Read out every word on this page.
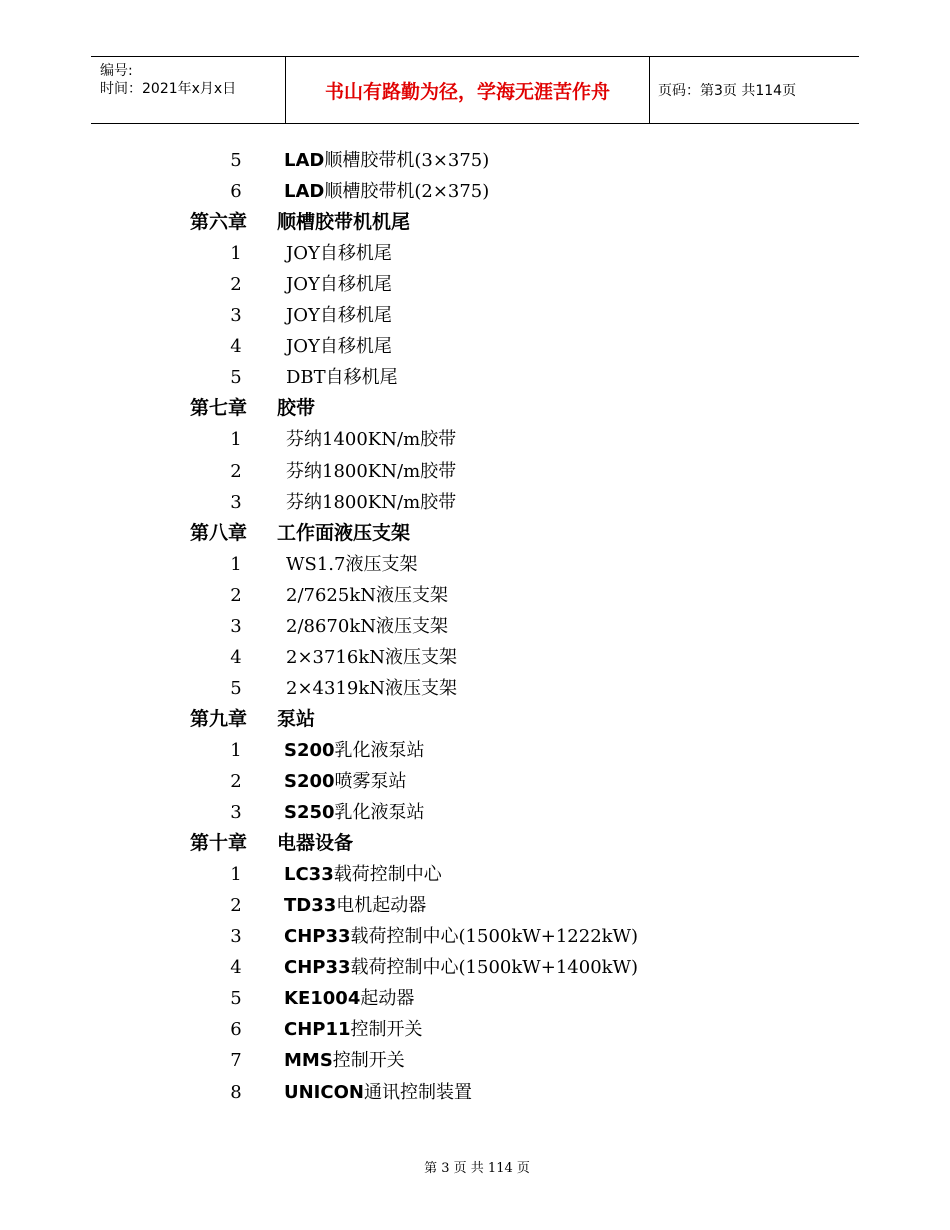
编号:
时间：2021年x月x日	书山有路勤为径，学海无涯苦作舟	页码：第3页 共114页
5 LAD顺槽胶带机(3×375)
6 LAD顺槽胶带机(2×375)
第六章 顺槽胶带机机尾
1 JOY自移机尾
2 JOY自移机尾
3 JOY自移机尾
4 JOY自移机尾
5 DBT自移机尾
第七章 胶带
1 芬纳1400KN/m胶带
2 芬纳1800KN/m胶带
3 芬纳1800KN/m胶带
第八章 工作面液压支架
1 WS1.7液压支架
2 2/7625kN液压支架
3 2/8670kN液压支架
4 2×3716kN液压支架
5 2×4319kN液压支架
第九章 泵站
1 S200乳化液泵站
2 S200喷雾泵站
3 S250乳化液泵站
第十章 电器设备
1 LC33载荷控制中心
2 TD33电机起动器
3 CHP33载荷控制中心(1500kW+1222kW)
4 CHP33载荷控制中心(1500kW+1400kW)
5 KE1004起动器
6 CHP11控制开关
7 MMS控制开关
8 UNICON通讯控制装置
第 3 页 共 114 页
